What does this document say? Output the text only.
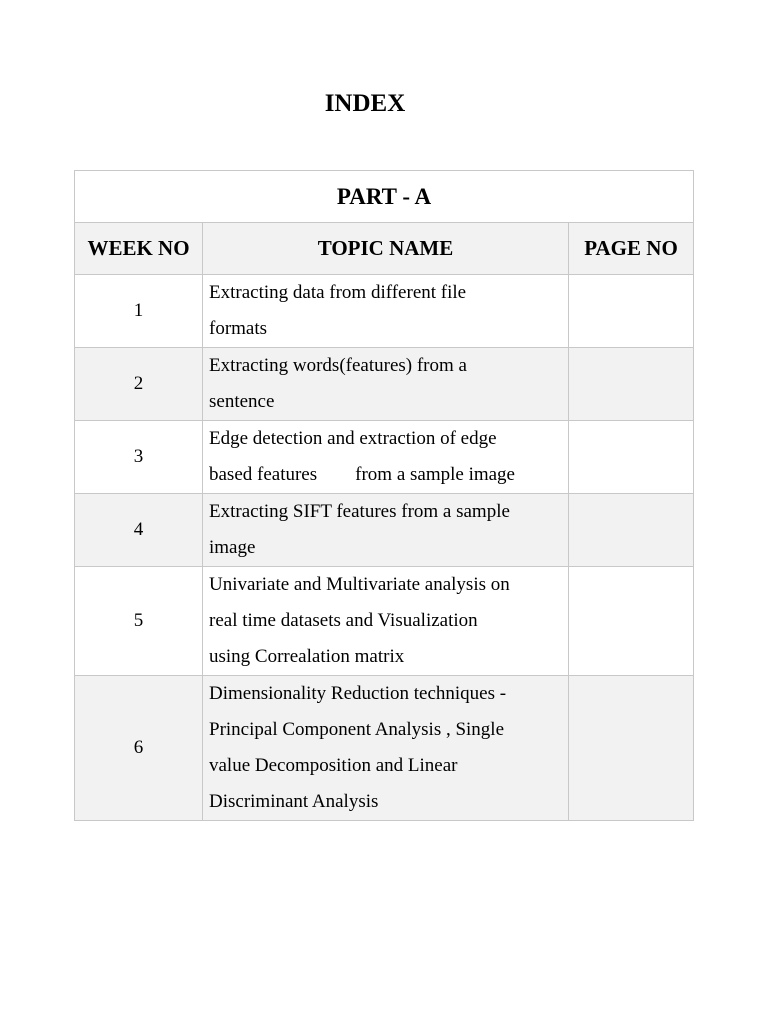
INDEX
PART - A		
WEEK NO	TOPIC NAME	PAGE NO
1	Extracting data from different file
formats	
2	Extracting words(features) from a
sentence	
3	Edge detection and extraction of edge
based features        from a sample image	
4	Extracting SIFT features from a sample
image	
5	Univariate and Multivariate analysis on
real time datasets and Visualization
using Correalation matrix	
6	Dimensionality Reduction techniques -
Principal Component Analysis , Single
value Decomposition and Linear
Discriminant Analysis	
